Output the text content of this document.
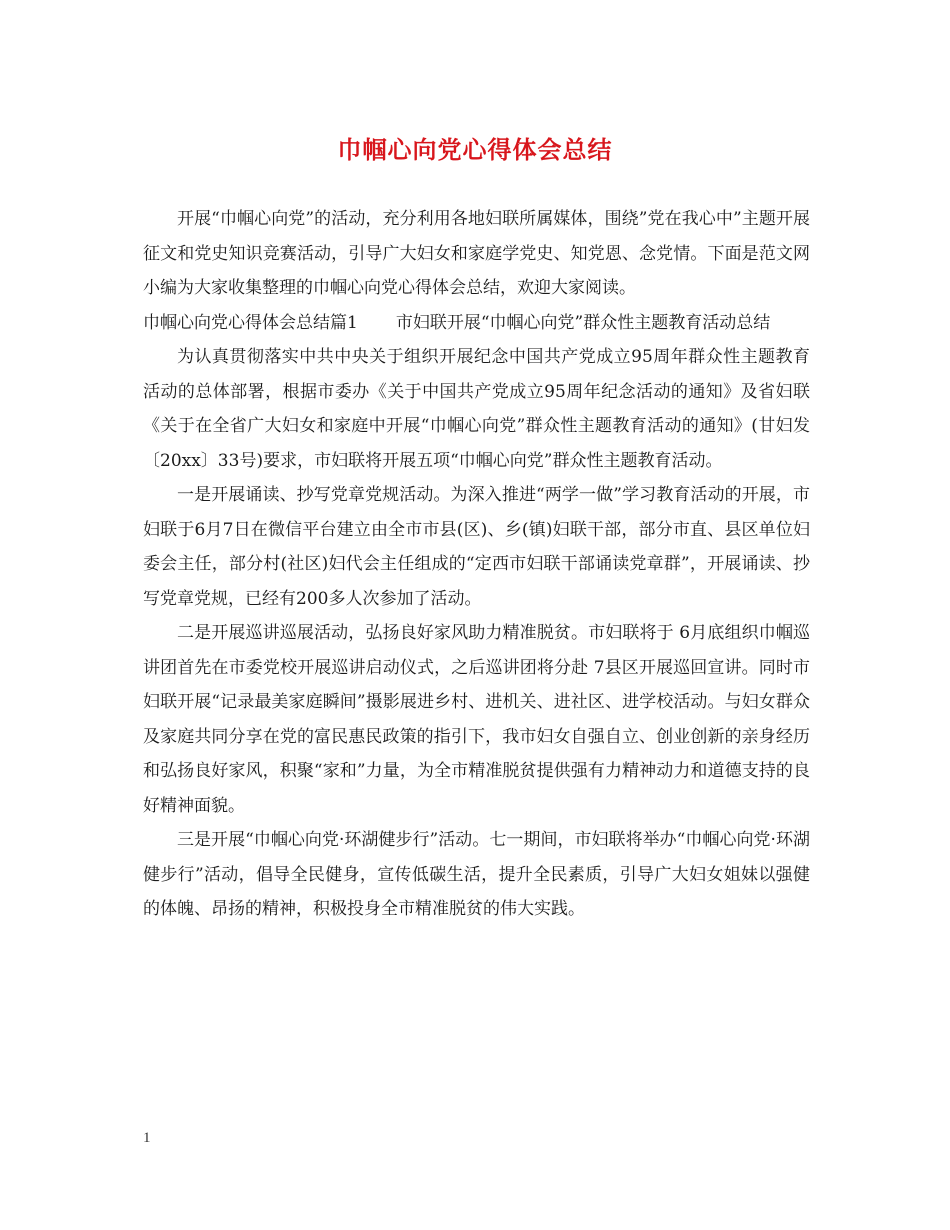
巾帼心向党心得体会总结

开展“巾帼心向党”的活动，充分利用各地妇联所属媒体，围绕”党在我心中”主题开展征文和党史知识竞赛活动，引导广大妇女和家庭学党史、知党恩、念党情。下面是范文网小编为大家收集整理的巾帼心向党心得体会总结，欢迎大家阅读。

巾帼心向党心得体会总结篇1 市妇联开展“巾帼心向党”群众性主题教育活动总结

为认真贯彻落实中共中央关于组织开展纪念中国共产党成立95周年群众性主题教育活动的总体部署，根据市委办《关于中国共产党成立95周年纪念活动的通知》及省妇联《关于在全省广大妇女和家庭中开展“巾帼心向党”群众性主题教育活动的通知》(甘妇发〔20xx〕33号)要求，市妇联将开展五项“巾帼心向党”群众性主题教育活动。

一是开展诵读、抄写党章党规活动。为深入推进“两学一做”学习教育活动的开展，市妇联于6月7日在微信平台建立由全市市县(区)、乡(镇)妇联干部，部分市直、县区单位妇委会主任，部分村(社区)妇代会主任组成的“定西市妇联干部诵读党章群”，开展诵读、抄写党章党规，已经有200多人次参加了活动。

二是开展巡讲巡展活动，弘扬良好家风助力精准脱贫。市妇联将于 6月底组织巾帼巡讲团首先在市委党校开展巡讲启动仪式，之后巡讲团将分赴 7县区开展巡回宣讲。同时市妇联开展“记录最美家庭瞬间”摄影展进乡村、进机关、进社区、进学校活动。与妇女群众及家庭共同分享在党的富民惠民政策的指引下，我市妇女自强自立、创业创新的亲身经历和弘扬良好家风，积聚“家和”力量，为全市精准脱贫提供强有力精神动力和道德支持的良好精神面貌。

三是开展“巾帼心向党·环湖健步行”活动。七一期间，市妇联将举办“巾帼心向党·环湖健步行”活动，倡导全民健身，宣传低碳生活，提升全民素质，引导广大妇女姐妹以强健的体魄、昂扬的精神，积极投身全市精准脱贫的伟大实践。

1
